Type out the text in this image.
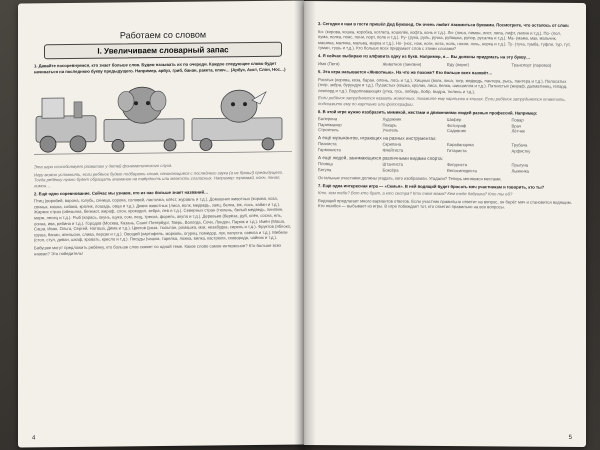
Работаем со словом
I. Увеличиваем словарный запас

1. Давайте посоревнуемся, кто знает больше слов. Будем называть их по очереди. Каждое следующее слово будет начинаться на последнюю букву предыдущего. Например, арбуз, гриб, банан, ракета, ключ… (Арбуз, Аист, Слон, Нос…)

Эта игра способствует развитию у детей фонематического слуха.

Игру можно усложнить, если ребёнок будет подбирать слова, начинающиеся с последнего звука (а не буквы!) предыдущего. Тогда ребёнку нужно будет обращать внимание на твёрдость или мягкость согласных. Например: трамвай, ключ, пенал, лимон…

2. Ещё одно соревнование. Сейчас мы узнаем, кто из нас больше знает названий…

Птиц (воробей, ворона, голубь, синица, сорока, соловей, ласточка, клёст, журавль и т.д.). Домашних животных (корова, коза, свинья, кошка, собака, кролик, лошадь, овца и т.д.). Диких животных (лиса, волк, медведь, заяц, белка, ёж, лось, кабан и т.д.). Жарких стран (обезьяна, бегемот, жираф, слон, крокодил, зебра, лев и т.д.). Северных стран (тюлень, белый медведь, пингвин, морж, песец и т.д.). Рыб (карась, окунь, щука, сом, лещ, треска, форель, акула и т.д.). Деревьев (берёза, дуб, клён, сосна, ель, осина, ива, рябина и т.д.). Городов (Москва, Казань, Санкт-Петербург, Тверь, Вологда, Сочи, Лондон, Париж и т.д.). Имён (Маша, Саша, Иван, Ольга, Сергей, Наташа, Дима и т.д.). Цветов (роза, тюльпан, ромашка, мак, незабудка, сирень и т.д.). Фруктов (яблоко, груша, банан, апельсин, слива, персик и т.д.). Овощей (картофель, морковь, огурец, помидор, лук, капуста, свёкла и т.д.). Мебели (стол, стул, диван, шкаф, кровать, кресло и т.д.). Посуды (чашка, тарелка, ложка, вилка, кастрюля, сковорода, чайник и т.д.).

Бабушки могут предложить ребёнку, кто больше слов скажет по одной теме. Какое слово самое интересное? Кто больше всех назвал? Это победитель!

4

3. Сегодня к нам в гости пришёл Дед Буквоед. Он очень любит лакомиться буквами. Посмотрите, что осталось от слов:

Ко- (корова, кошка, коробка, котлета, кошелёк, кофта, конь и т.д.). Ли- (лиса, лимон, лист, липа, лифт, лилия и т.д.). По- (пол, пума, полка, пояс, пони, порт, поле и т.д.). Ру- (рука, руль, ручка, рубашка, рупор, русалка и т.д.). Ма- (мама, мак, мальчик, машина, малина, мальва, марка и т.д.). Но- (нос, нож, ноги, нота, ноль, носки, ночь, норка и т.д.). Ту- (туча, тумба, туфли, тур, тут, туман, тушь и т.д.). Кто больше всех придумает слов с этими слогами?

4. Я сейчас выбираю из алфавита одну из букв. Например, я… Вы должны придумать на эту букву…

Имя (Петя)	Животное (пингвин)	Еду (пирог)	Транспорт (паровоз)

5. Эта игра называется «Животные». На что же похоже? Кто больше всех назовёт…

Рогатых (корова, коза, баран, олень, лось и т.д.). Хищных (волк, лиса, тигр, медведь, пантера, рысь, пантера и т.д.). Полосатых (тигр, зебра, бурундук и т.д.). Пушистых (кошка, кролик, лиса, белка, шиншилла и т.д.). Пятнистых (жираф, далматинец, гепард, леопард и т.д.). Водоплавающих (утка, гусь, лебедь, бобр, выдра, тюлень и т.д.).

Если ребёнок затрудняется назвать животных, покажите ему картинки в книгах. Если ребёнок затрудняется ответить, подскажите ему по картинке или фотографии.

6. В этой игре нужно изобразить мимикой, жестами и движениями людей разных профессий. Например:

Балерина	Художник	Шофёр	Повар
Парикмахер	Пекарь	Фотограф	Врач
Строитель	Учитель	Садовник	Лётчик
А ещё музыкантов, играющих на разных инструментах:
Пианиста	Скрипача	Барабанщика	Трубача
Гармониста	Флейтиста	Гитариста	Арфистку
А ещё людей, занимающихся различными видами спорта:
Пловца	Штангиста	Фигуриста	Прыгуна
Бегуна	Боксёра	Велосипедиста	Лыжника

Остальные участники должны угадать, кого изобразили. Угадали? Теперь меняемся местами.

7. Ещё одна интересная игра — «Семья». В ней водящий будет бросать мяч участникам и говорить, кто ты?

Кто, кем тебе? Вот кто брат, а кто сестра? Кто твоя мама? Кем тебе бабушка? Кто ты ей?

Водящий предлагает много вариантов ответов. Если участник правильно ответит на вопрос, он берёт мяч и становится водящим. Кто ошибся — выбывает из игры. В игре побеждает тот, кто ответил правильно на все вопросы.

5
